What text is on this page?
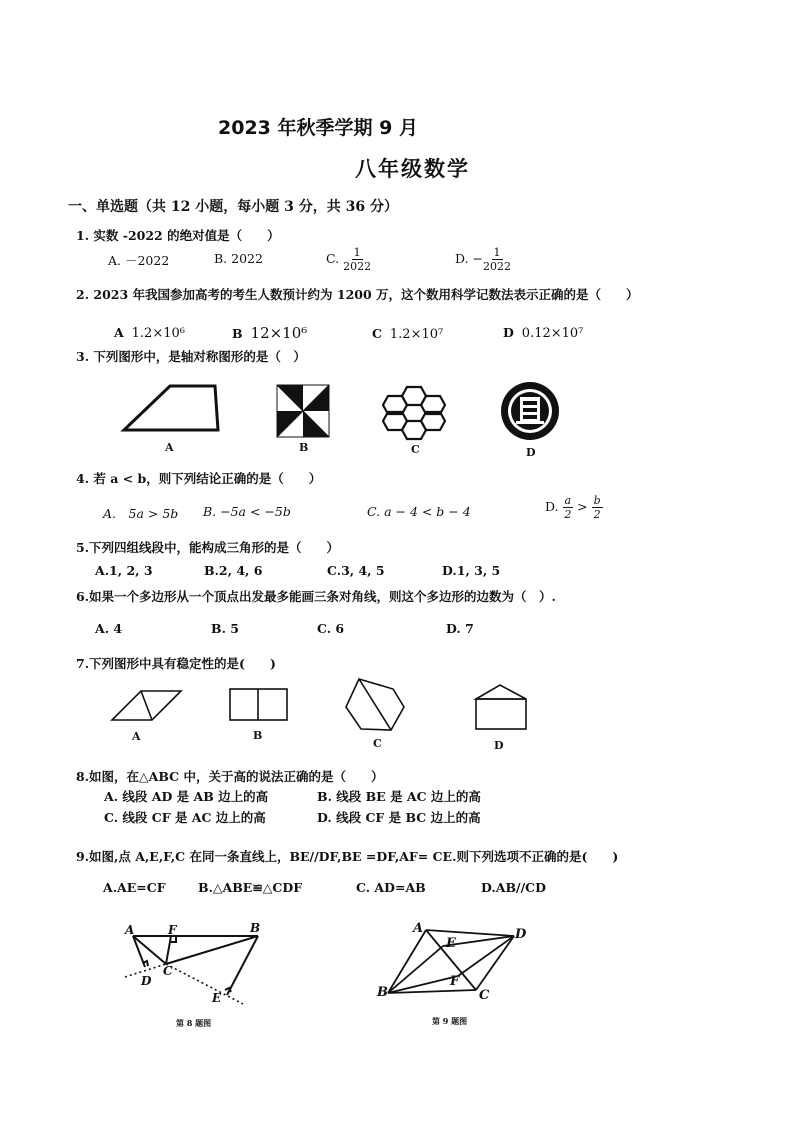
2023 年秋季学期 9 月
八年级数学
一、单选题（共 12 小题，每小题 3 分，共 36 分）
1. 实数 -2022 的绝对值是（　　）
A. －2022	B. 2022	C. $\frac{1}{2022}$	D. − $\frac{1}{2022}$
2. 2023 年我国参加高考的考生人数预计约为 1200 万，这个数用科学记数法表示正确的是（　　）
A 1.2×10⁶	B 12×10⁶	C 1.2×10⁷	D 0.12×10⁷
3. 下列图形中，是轴对称图形的是（　）
A	B	C	D
4. 若 a < b，则下列结论正确的是（　　）
A.　5a > 5b B. −5a < −5b	C. a − 4 < b − 4	D. $\frac{a}{2} > \frac{b}{2}$
5.下列四组线段中，能构成三角形的是（　　）
A.1, 2, 3	B.2, 4, 6	C.3, 4, 5	D.1, 3, 5
6.如果一个多边形从一个顶点出发最多能画三条对角线，则这个多边形的边数为（　）.
A. 4	B. 5	C. 6	D. 7
7.下列图形中具有稳定性的是(　　)
A	B
C	D
8.如图，在△ABC 中，关于高的说法正确的是（　　）
A. 线段 AD 是 AB 边上的高	B. 线段 BE 是 AC 边上的高
C. 线段 CF 是 AC 边上的高	D. 线段 CF 是 BC 边上的高
9.如图,点 A,E,F,C 在同一条直线上，BE//DF,BE =DF,AF= CE.则下列选项不正确的是(　　)
A.AE=CF	B.△ABE≌△CDF	C. AD=AB	D.AB//CD
A	F	B
C
D
E
第 8 题图
A
E
D
F
B	C
第 9 题图
